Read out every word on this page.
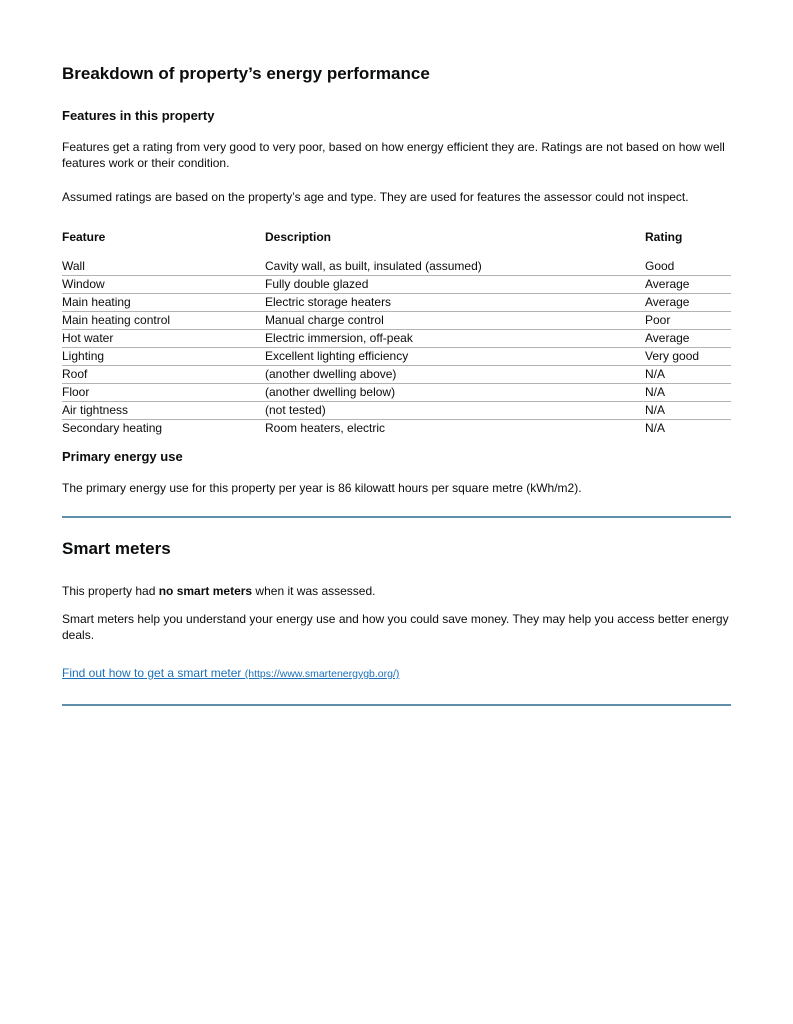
Breakdown of property’s energy performance
Features in this property

Features get a rating from very good to very poor, based on how energy efficient they are. Ratings are not based on how well features work or their condition.

Assumed ratings are based on the property’s age and type. They are used for features the assessor could not inspect.

Feature	Description	Rating
Wall	Cavity wall, as built, insulated (assumed)	Good
Window	Fully double glazed	Average
Main heating	Electric storage heaters	Average
Main heating control	Manual charge control	Poor
Hot water	Electric immersion, off-peak	Average
Lighting	Excellent lighting efficiency	Very good
Roof	(another dwelling above)	N/A
Floor	(another dwelling below)	N/A
Air tightness	(not tested)	N/A
Secondary heating	Room heaters, electric	N/A
Primary energy use

The primary energy use for this property per year is 86 kilowatt hours per square metre (kWh/m2).

Smart meters

This property had no smart meters when it was assessed.

Smart meters help you understand your energy use and how you could save money. They may help you access better energy deals.

Find out how to get a smart meter (https://www.smartenergygb.org/)
